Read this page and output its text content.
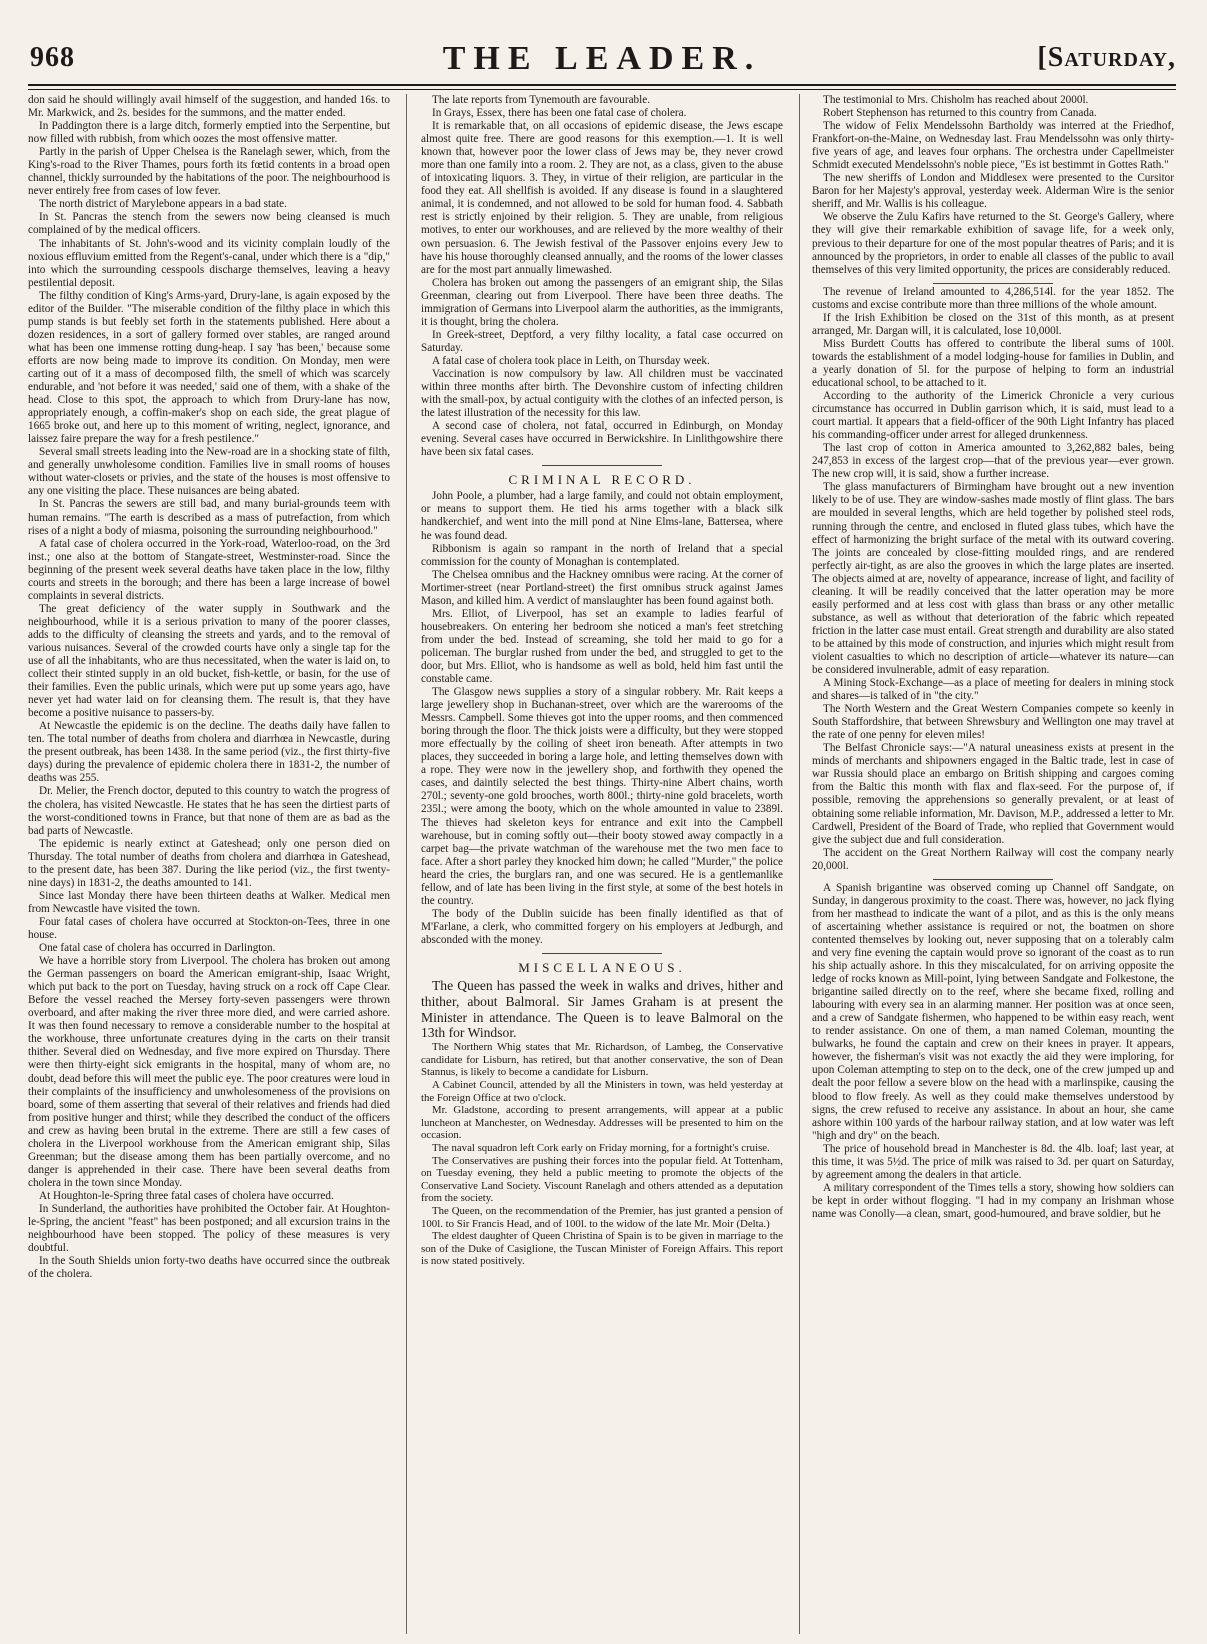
968	THE LEADER.	[Saturday,

don said he should willingly avail himself of the suggestion, and handed 16s. to Mr. Markwick, and 2s. besides for the summons, and the matter ended.

In Paddington there is a large ditch, formerly emptied into the Serpentine, but now filled with rubbish, from which oozes the most offensive matter.

Partly in the parish of Upper Chelsea is the Ranelagh sewer, which, from the King's-road to the River Thames, pours forth its fœtid contents in a broad open channel, thickly surrounded by the habitations of the poor. The neighbourhood is never entirely free from cases of low fever.

The north district of Marylebone appears in a bad state.

In St. Pancras the stench from the sewers now being cleansed is much complained of by the medical officers.

The inhabitants of St. John's-wood and its vicinity complain loudly of the noxious effluvium emitted from the Regent's-canal, under which there is a "dip," into which the surrounding cesspools discharge themselves, leaving a heavy pestilential deposit.

The filthy condition of King's Arms-yard, Drury-lane, is again exposed by the editor of the Builder. "The miserable condition of the filthy place in which this pump stands is but feebly set forth in the statements published. Here about a dozen residences, in a sort of gallery formed over stables, are ranged around what has been one immense rotting dung-heap. I say 'has been,' because some efforts are now being made to improve its condition. On Monday, men were carting out of it a mass of decomposed filth, the smell of which was scarcely endurable, and 'not before it was needed,' said one of them, with a shake of the head. Close to this spot, the approach to which from Drury-lane has now, appropriately enough, a coffin-maker's shop on each side, the great plague of 1665 broke out, and here up to this moment of writing, neglect, ignorance, and laissez faire prepare the way for a fresh pestilence."

Several small streets leading into the New-road are in a shocking state of filth, and generally unwholesome condition. Families live in small rooms of houses without water-closets or privies, and the state of the houses is most offensive to any one visiting the place. These nuisances are being abated.

In St. Pancras the sewers are still bad, and many burial-grounds teem with human remains. "The earth is described as a mass of putrefaction, from which rises of a night a body of miasma, poisoning the surrounding neighbourhood."

A fatal case of cholera occurred in the York-road, Waterloo-road, on the 3rd inst.; one also at the bottom of Stangate-street, Westminster-road. Since the beginning of the present week several deaths have taken place in the low, filthy courts and streets in the borough; and there has been a large increase of bowel complaints in several districts.

The great deficiency of the water supply in Southwark and the neighbourhood, while it is a serious privation to many of the poorer classes, adds to the difficulty of cleansing the streets and yards, and to the removal of various nuisances. Several of the crowded courts have only a single tap for the use of all the inhabitants, who are thus necessitated, when the water is laid on, to collect their stinted supply in an old bucket, fish-kettle, or basin, for the use of their families. Even the public urinals, which were put up some years ago, have never yet had water laid on for cleansing them. The result is, that they have become a positive nuisance to passers-by.

At Newcastle the epidemic is on the decline. The deaths daily have fallen to ten. The total number of deaths from cholera and diarrhœa in Newcastle, during the present outbreak, has been 1438. In the same period (viz., the first thirty-five days) during the prevalence of epidemic cholera there in 1831-2, the number of deaths was 255.

Dr. Melier, the French doctor, deputed to this country to watch the progress of the cholera, has visited Newcastle. He states that he has seen the dirtiest parts of the worst-conditioned towns in France, but that none of them are as bad as the bad parts of Newcastle.

The epidemic is nearly extinct at Gateshead; only one person died on Thursday. The total number of deaths from cholera and diarrhœa in Gateshead, to the present date, has been 387. During the like period (viz., the first twenty-nine days) in 1831-2, the deaths amounted to 141.

Since last Monday there have been thirteen deaths at Walker. Medical men from Newcastle have visited the town.

Four fatal cases of cholera have occurred at Stockton-on-Tees, three in one house.

One fatal case of cholera has occurred in Darlington.

We have a horrible story from Liverpool. The cholera has broken out among the German passengers on board the American emigrant-ship, Isaac Wright, which put back to the port on Tuesday, having struck on a rock off Cape Clear. Before the vessel reached the Mersey forty-seven passengers were thrown overboard, and after making the river three more died, and were carried ashore. It was then found necessary to remove a considerable number to the hospital at the workhouse, three unfortunate creatures dying in the carts on their transit thither. Several died on Wednesday, and five more expired on Thursday. There were then thirty-eight sick emigrants in the hospital, many of whom are, no doubt, dead before this will meet the public eye. The poor creatures were loud in their complaints of the insufficiency and unwholesomeness of the provisions on board, some of them asserting that several of their relatives and friends had died from positive hunger and thirst; while they described the conduct of the officers and crew as having been brutal in the extreme. There are still a few cases of cholera in the Liverpool workhouse from the American emigrant ship, Silas Greenman; but the disease among them has been partially overcome, and no danger is apprehended in their case. There have been several deaths from cholera in the town since Monday.

At Houghton-le-Spring three fatal cases of cholera have occurred.

In Sunderland, the authorities have prohibited the October fair. At Houghton-le-Spring, the ancient "feast" has been postponed; and all excursion trains in the neighbourhood have been stopped. The policy of these measures is very doubtful.

In the South Shields union forty-two deaths have occurred since the outbreak of the cholera.

The late reports from Tynemouth are favourable.

In Grays, Essex, there has been one fatal case of cholera.

It is remarkable that, on all occasions of epidemic disease, the Jews escape almost quite free. There are good reasons for this exemption.—1. It is well known that, however poor the lower class of Jews may be, they never crowd more than one family into a room. 2. They are not, as a class, given to the abuse of intoxicating liquors. 3. They, in virtue of their religion, are particular in the food they eat. All shellfish is avoided. If any disease is found in a slaughtered animal, it is condemned, and not allowed to be sold for human food. 4. Sabbath rest is strictly enjoined by their religion. 5. They are unable, from religious motives, to enter our workhouses, and are relieved by the more wealthy of their own persuasion. 6. The Jewish festival of the Passover enjoins every Jew to have his house thoroughly cleansed annually, and the rooms of the lower classes are for the most part annually limewashed.

Cholera has broken out among the passengers of an emigrant ship, the Silas Greenman, clearing out from Liverpool. There have been three deaths. The immigration of Germans into Liverpool alarm the authorities, as the immigrants, it is thought, bring the cholera.

In Greek-street, Deptford, a very filthy locality, a fatal case occurred on Saturday.

A fatal case of cholera took place in Leith, on Thursday week.

Vaccination is now compulsory by law. All children must be vaccinated within three months after birth. The Devonshire custom of infecting children with the small-pox, by actual contiguity with the clothes of an infected person, is the latest illustration of the necessity for this law.

A second case of cholera, not fatal, occurred in Edinburgh, on Monday evening. Several cases have occurred in Berwickshire. In Linlithgowshire there have been six fatal cases.

CRIMINAL RECORD.

John Poole, a plumber, had a large family, and could not obtain employment, or means to support them. He tied his arms together with a black silk handkerchief, and went into the mill pond at Nine Elms-lane, Battersea, where he was found dead.

Ribbonism is again so rampant in the north of Ireland that a special commission for the county of Monaghan is contemplated.

The Chelsea omnibus and the Hackney omnibus were racing. At the corner of Mortimer-street (near Portland-street) the first omnibus struck against James Mason, and killed him. A verdict of manslaughter has been found against both.

Mrs. Elliot, of Liverpool, has set an example to ladies fearful of housebreakers. On entering her bedroom she noticed a man's feet stretching from under the bed. Instead of screaming, she told her maid to go for a policeman. The burglar rushed from under the bed, and struggled to get to the door, but Mrs. Elliot, who is handsome as well as bold, held him fast until the constable came.

The Glasgow news supplies a story of a singular robbery. Mr. Rait keeps a large jewellery shop in Buchanan-street, over which are the warerooms of the Messrs. Campbell. Some thieves got into the upper rooms, and then commenced boring through the floor. The thick joists were a difficulty, but they were stopped more effectually by the coiling of sheet iron beneath. After attempts in two places, they succeeded in boring a large hole, and letting themselves down with a rope. They were now in the jewellery shop, and forthwith they opened the cases, and daintily selected the best things. Thirty-nine Albert chains, worth 270l.; seventy-one gold brooches, worth 800l.; thirty-nine gold bracelets, worth 235l.; were among the booty, which on the whole amounted in value to 2389l. The thieves had skeleton keys for entrance and exit into the Campbell warehouse, but in coming softly out—their booty stowed away compactly in a carpet bag—the private watchman of the warehouse met the two men face to face. After a short parley they knocked him down; he called "Murder," the police heard the cries, the burglars ran, and one was secured. He is a gentlemanlike fellow, and of late has been living in the first style, at some of the best hotels in the country.

The body of the Dublin suicide has been finally identified as that of M'Farlane, a clerk, who committed forgery on his employers at Jedburgh, and absconded with the money.

MISCELLANEOUS.

The Queen has passed the week in walks and drives, hither and thither, about Balmoral. Sir James Graham is at present the Minister in attendance. The Queen is to leave Balmoral on the 13th for Windsor.

The Northern Whig states that Mr. Richardson, of Lambeg, the Conservative candidate for Lisburn, has retired, but that another conservative, the son of Dean Stannus, is likely to become a candidate for Lisburn.

A Cabinet Council, attended by all the Ministers in town, was held yesterday at the Foreign Office at two o'clock.

Mr. Gladstone, according to present arrangements, will appear at a public luncheon at Manchester, on Wednesday. Addresses will be presented to him on the occasion.

The naval squadron left Cork early on Friday morning, for a fortnight's cruise.

The Conservatives are pushing their forces into the popular field. At Tottenham, on Tuesday evening, they held a public meeting to promote the objects of the Conservative Land Society. Viscount Ranelagh and others attended as a deputation from the society.

The Queen, on the recommendation of the Premier, has just granted a pension of 100l. to Sir Francis Head, and of 100l. to the widow of the late Mr. Moir (Delta.)

The eldest daughter of Queen Christina of Spain is to be given in marriage to the son of the Duke of Casiglione, the Tuscan Minister of Foreign Affairs. This report is now stated positively.

The testimonial to Mrs. Chisholm has reached about 2000l.

Robert Stephenson has returned to this country from Canada.

The widow of Felix Mendelssohn Bartholdy was interred at the Friedhof, Frankfort-on-the-Maine, on Wednesday last. Frau Mendelssohn was only thirty-five years of age, and leaves four orphans. The orchestra under Capellmeister Schmidt executed Mendelssohn's noble piece, "Es ist bestimmt in Gottes Rath."

The new sheriffs of London and Middlesex were presented to the Cursitor Baron for her Majesty's approval, yesterday week. Alderman Wire is the senior sheriff, and Mr. Wallis is his colleague.

We observe the Zulu Kafirs have returned to the St. George's Gallery, where they will give their remarkable exhibition of savage life, for a week only, previous to their departure for one of the most popular theatres of Paris; and it is announced by the proprietors, in order to enable all classes of the public to avail themselves of this very limited opportunity, the prices are considerably reduced.

The revenue of Ireland amounted to 4,286,514l. for the year 1852. The customs and excise contribute more than three millions of the whole amount.

If the Irish Exhibition be closed on the 31st of this month, as at present arranged, Mr. Dargan will, it is calculated, lose 10,000l.

Miss Burdett Coutts has offered to contribute the liberal sums of 100l. towards the establishment of a model lodging-house for families in Dublin, and a yearly donation of 5l. for the purpose of helping to form an industrial educational school, to be attached to it.

According to the authority of the Limerick Chronicle a very curious circumstance has occurred in Dublin garrison which, it is said, must lead to a court martial. It appears that a field-officer of the 90th Light Infantry has placed his commanding-officer under arrest for alleged drunkenness.

The last crop of cotton in America amounted to 3,262,882 bales, being 247,853 in excess of the largest crop—that of the previous year—ever grown. The new crop will, it is said, show a further increase.

The glass manufacturers of Birmingham have brought out a new invention likely to be of use. They are window-sashes made mostly of flint glass. The bars are moulded in several lengths, which are held together by polished steel rods, running through the centre, and enclosed in fluted glass tubes, which have the effect of harmonizing the bright surface of the metal with its outward covering. The joints are concealed by close-fitting moulded rings, and are rendered perfectly air-tight, as are also the grooves in which the large plates are inserted. The objects aimed at are, novelty of appearance, increase of light, and facility of cleaning. It will be readily conceived that the latter operation may be more easily performed and at less cost with glass than brass or any other metallic substance, as well as without that deterioration of the fabric which repeated friction in the latter case must entail. Great strength and durability are also stated to be attained by this mode of construction, and injuries which might result from violent casualties to which no description of article—whatever its nature—can be considered invulnerable, admit of easy reparation.

A Mining Stock-Exchange—as a place of meeting for dealers in mining stock and shares—is talked of in "the city."

The North Western and the Great Western Companies compete so keenly in South Staffordshire, that between Shrewsbury and Wellington one may travel at the rate of one penny for eleven miles!

The Belfast Chronicle says:—"A natural uneasiness exists at present in the minds of merchants and shipowners engaged in the Baltic trade, lest in case of war Russia should place an embargo on British shipping and cargoes coming from the Baltic this month with flax and flax-seed. For the purpose of, if possible, removing the apprehensions so generally prevalent, or at least of obtaining some reliable information, Mr. Davison, M.P., addressed a letter to Mr. Cardwell, President of the Board of Trade, who replied that Government would give the subject due and full consideration.

The accident on the Great Northern Railway will cost the company nearly 20,000l.

A Spanish brigantine was observed coming up Channel off Sandgate, on Sunday, in dangerous proximity to the coast. There was, however, no jack flying from her masthead to indicate the want of a pilot, and as this is the only means of ascertaining whether assistance is required or not, the boatmen on shore contented themselves by looking out, never supposing that on a tolerably calm and very fine evening the captain would prove so ignorant of the coast as to run his ship actually ashore. In this they miscalculated, for on arriving opposite the ledge of rocks known as Mill-point, lying between Sandgate and Folkestone, the brigantine sailed directly on to the reef, where she became fixed, rolling and labouring with every sea in an alarming manner. Her position was at once seen, and a crew of Sandgate fishermen, who happened to be within easy reach, went to render assistance. On one of them, a man named Coleman, mounting the bulwarks, he found the captain and crew on their knees in prayer. It appears, however, the fisherman's visit was not exactly the aid they were imploring, for upon Coleman attempting to step on to the deck, one of the crew jumped up and dealt the poor fellow a severe blow on the head with a marlinspike, causing the blood to flow freely. As well as they could make themselves understood by signs, the crew refused to receive any assistance. In about an hour, she came ashore within 100 yards of the harbour railway station, and at low water was left "high and dry" on the beach.

The price of household bread in Manchester is 8d. the 4lb. loaf; last year, at this time, it was 5½d. The price of milk was raised to 3d. per quart on Saturday, by agreement among the dealers in that article.

A military correspondent of the Times tells a story, showing how soldiers can be kept in order without flogging. "I had in my company an Irishman whose name was Conolly—a clean, smart, good-humoured, and brave soldier, but he
